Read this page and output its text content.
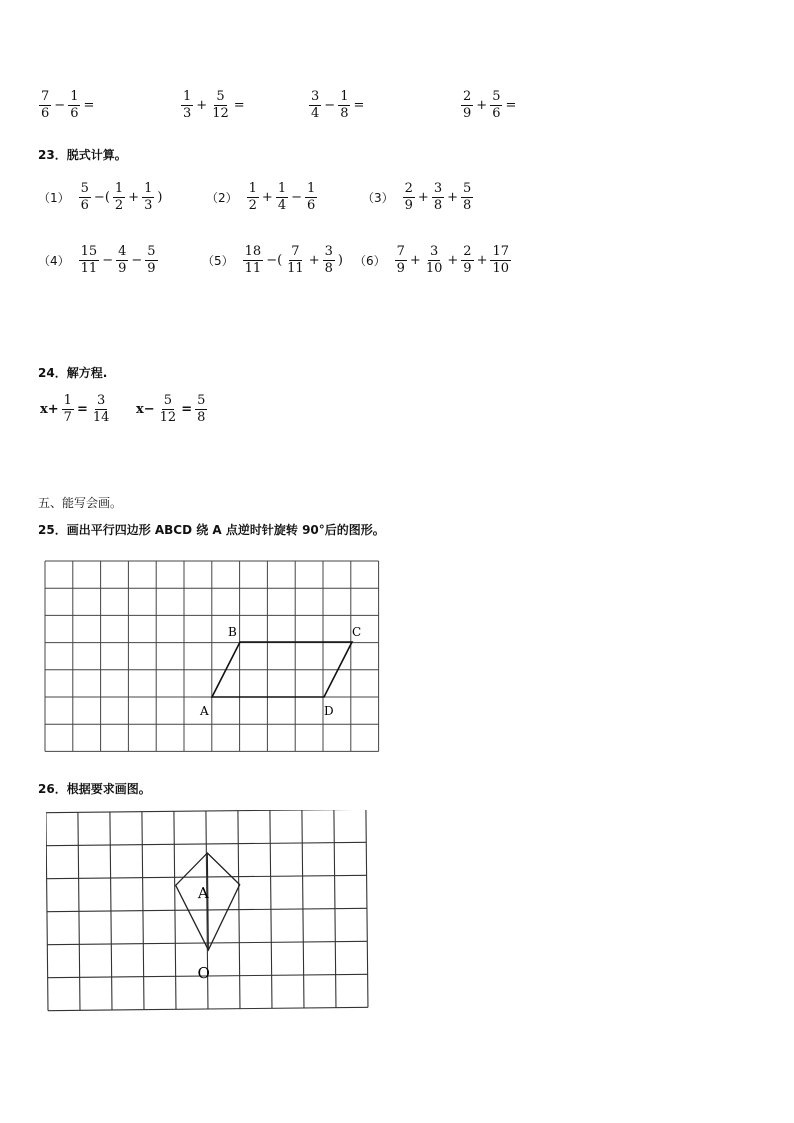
$\frac{7}{6} - \frac{1}{6}$ =	$\frac{1}{3} + \frac{5}{12}$ =	$\frac{3}{4} - \frac{1}{8}$ =	$\frac{2}{9} + \frac{5}{6}$ =
23．脱式计算。
$(1) \frac{5}{6}$ −( $\frac{1}{2} + \frac{1}{3}$ )	$(2) \frac{1}{2} + \frac{1}{4} - \frac{1}{6}$	$(3) \frac{2}{9} + \frac{3}{8} + \frac{5}{8}$
$(4) \frac{15}{11} - \frac{4}{9} - \frac{5}{9}$	$(5) \frac{18}{11}$ −( $\frac{7}{11} + \frac{3}{8}$ ) $(6) \frac{7}{9} + \frac{3}{10} + \frac{2}{9} + \frac{17}{10}$
24．解方程.
$x+ \frac{1}{7} = \frac{3}{14} x- \frac{5}{12} = \frac{5}{8}$
五、能写会画。
25．画出平行四边形 ABCD 绕 A 点逆时针旋转 90°后的图形。
B	C
A	D
26．根据要求画图。
A
O
